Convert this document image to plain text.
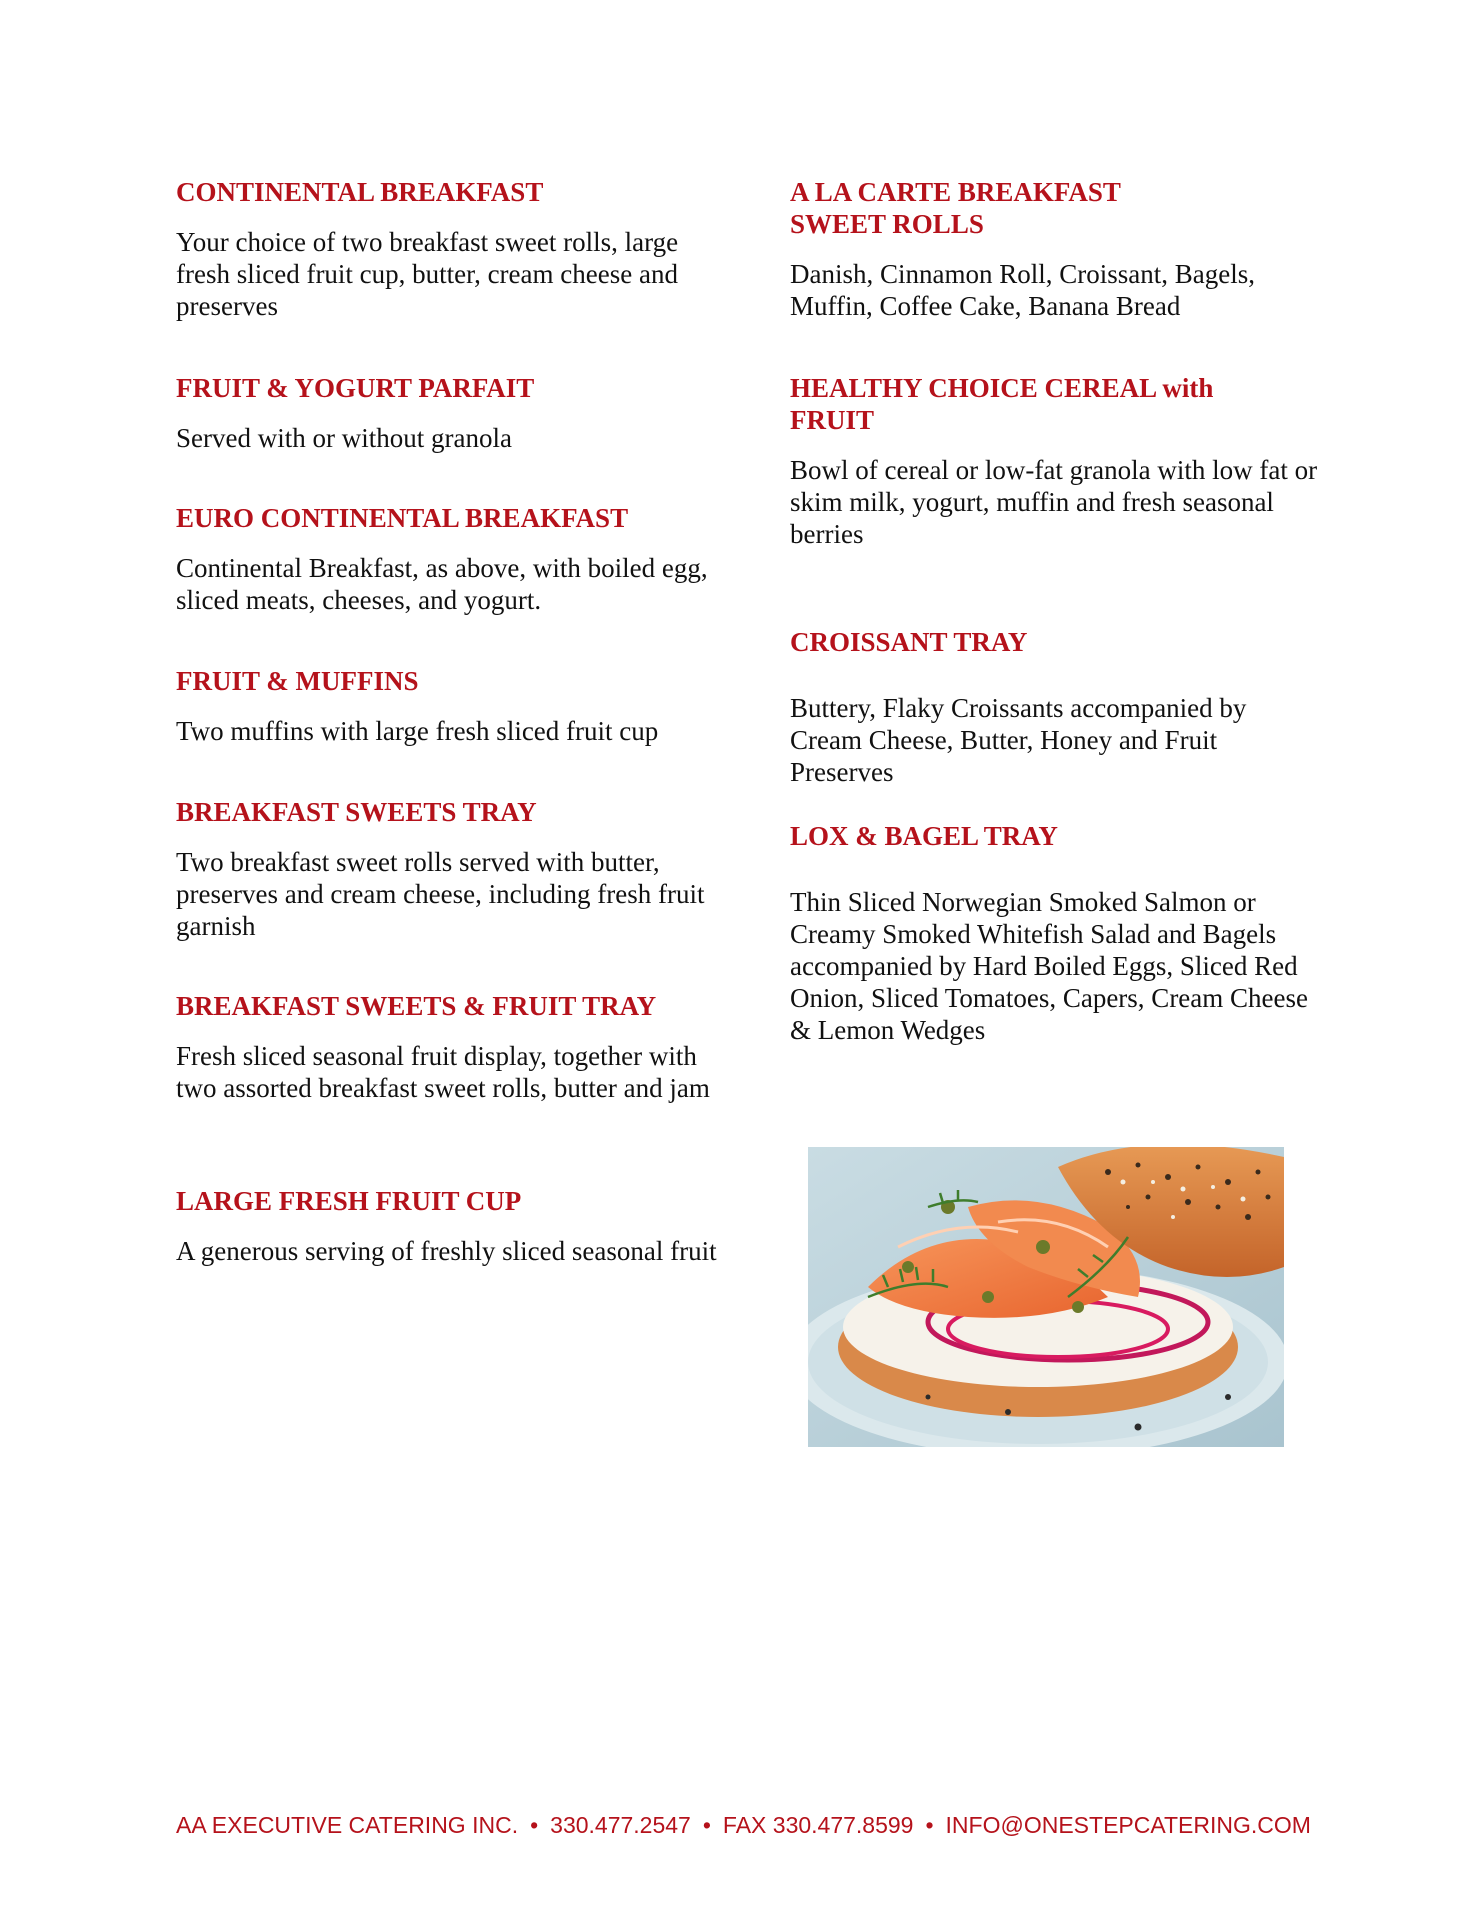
CONTINENTAL BREAKFAST

Your choice of two breakfast sweet rolls, large fresh sliced fruit cup, butter, cream cheese and preserves

FRUIT & YOGURT PARFAIT

Served with or without granola

EURO CONTINENTAL BREAKFAST

Continental Breakfast, as above, with boiled egg, sliced meats, cheeses, and yogurt.

FRUIT & MUFFINS

Two muffins with large fresh sliced fruit cup

BREAKFAST SWEETS TRAY

Two breakfast sweet rolls served with butter, preserves and cream cheese, including fresh fruit garnish

BREAKFAST SWEETS & FRUIT TRAY

Fresh sliced seasonal fruit display, together with two assorted breakfast sweet rolls, butter and jam

LARGE FRESH FRUIT CUP

A generous serving of freshly sliced seasonal fruit

A LA CARTE BREAKFAST SWEET ROLLS

Danish, Cinnamon Roll, Croissant, Bagels, Muffin, Coffee Cake, Banana Bread

HEALTHY CHOICE CEREAL with FRUIT

Bowl of cereal or low-fat granola with low fat or skim milk, yogurt, muffin and fresh seasonal berries

CROISSANT TRAY

Buttery, Flaky Croissants accompanied by Cream Cheese, Butter, Honey and Fruit Preserves

LOX & BAGEL TRAY

Thin Sliced Norwegian Smoked Salmon or Creamy Smoked Whitefish Salad and Bagels accompanied by Hard Boiled Eggs, Sliced Red Onion, Sliced Tomatoes, Capers, Cream Cheese & Lemon Wedges

AA EXECUTIVE CATERING INC. • 330.477.2547 • FAX 330.477.8599 • INFO@ONESTEPCATERING.COM
